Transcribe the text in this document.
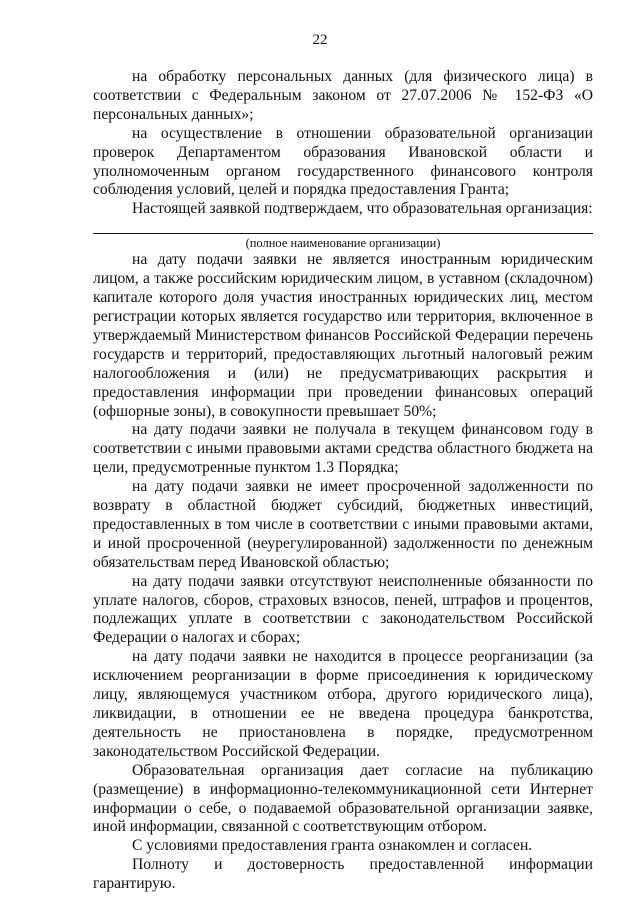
22

на обработку персональных данных (для физического лица) в соответствии с Федеральным законом от 27.07.2006 № 152-ФЗ «О персональных данных»;

на осуществление в отношении образовательной организации проверок Департаментом образования Ивановской области и уполномоченным органом государственного финансового контроля соблюдения условий, целей и порядка предоставления Гранта;

Настоящей заявкой подтверждаем, что образовательная организация:

(полное наименование организации)

на дату подачи заявки не является иностранным юридическим лицом, а также российским юридическим лицом, в уставном (складочном) капитале которого доля участия иностранных юридических лиц, местом регистрации которых является государство или территория, включенное в утверждаемый Министерством финансов Российской Федерации перечень государств и территорий, предоставляющих льготный налоговый режим налогообложения и (или) не предусматривающих раскрытия и предоставления информации при проведении финансовых операций (офшорные зоны), в совокупности превышает 50%;

на дату подачи заявки не получала в текущем финансовом году в соответствии с иными правовыми актами средства областного бюджета на цели, предусмотренные пунктом 1.3 Порядка;

на дату подачи заявки не имеет просроченной задолженности по возврату в областной бюджет субсидий, бюджетных инвестиций, предоставленных в том числе в соответствии с иными правовыми актами, и иной просроченной (неурегулированной) задолженности по денежным обязательствам перед Ивановской областью;

на дату подачи заявки отсутствуют неисполненные обязанности по уплате налогов, сборов, страховых взносов, пеней, штрафов и процентов, подлежащих уплате в соответствии с законодательством Российской Федерации о налогах и сборах;

на дату подачи заявки не находится в процессе реорганизации (за исключением реорганизации в форме присоединения к юридическому лицу, являющемуся участником отбора, другого юридического лица), ликвидации, в отношении ее не введена процедура банкротства, деятельность не приостановлена в порядке, предусмотренном законодательством Российской Федерации.

Образовательная организация дает согласие на публикацию (размещение) в информационно-телекоммуникационной сети Интернет информации о себе, о подаваемой образовательной организации заявке, иной информации, связанной с соответствующим отбором.

С условиями предоставления гранта ознакомлен и согласен.

Полноту и достоверность предоставленной информации гарантирую.
